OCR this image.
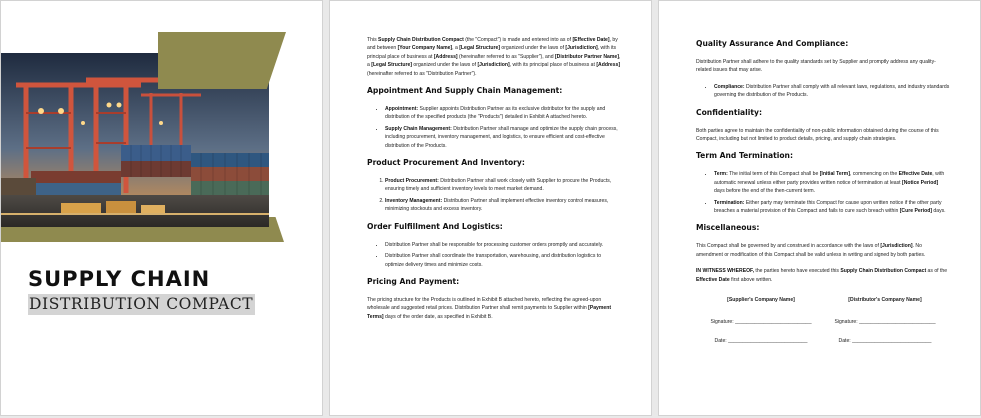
SUPPLY CHAIN
DISTRIBUTION COMPACT

This Supply Chain Distribution Compact (the "Compact") is made and entered into as of [Effective Date], by and between [Your Company Name], a [Legal Structure] organized under the laws of [Jurisdiction], with its principal place of business at [Address] (hereinafter referred to as "Supplier"), and [Distributor Partner Name], a [Legal Structure] organized under the laws of [Jurisdiction], with its principal place of business at [Address] (hereinafter referred to as "Distribution Partner").

Appointment And Supply Chain Management:
• Appointment: Supplier appoints Distribution Partner as its exclusive distributor for the supply and distribution of the specified products (the "Products") detailed in Exhibit A attached hereto.
• Supply Chain Management: Distribution Partner shall manage and optimize the supply chain process, including procurement, inventory management, and logistics, to ensure efficient and cost-effective distribution of the Products.
Product Procurement And Inventory:
1. Product Procurement: Distribution Partner shall work closely with Supplier to procure the Products, ensuring timely and sufficient inventory levels to meet market demand.
2. Inventory Management: Distribution Partner shall implement effective inventory control measures, minimizing stockouts and excess inventory.
Order Fulfillment And Logistics:
• Distribution Partner shall be responsible for processing customer orders promptly and accurately.
• Distribution Partner shall coordinate the transportation, warehousing, and distribution logistics to optimize delivery times and minimize costs.
Pricing And Payment:

The pricing structure for the Products is outlined in Exhibit B attached hereto, reflecting the agreed-upon wholesale and suggested retail prices. Distribution Partner shall remit payments to Supplier within [Payment Terms] days of the order date, as specified in Exhibit B.

Quality Assurance And Compliance:

Distribution Partner shall adhere to the quality standards set by Supplier and promptly address any quality-related issues that may arise.

• Compliance: Distribution Partner shall comply with all relevant laws, regulations, and industry standards governing the distribution of the Products.
Confidentiality:

Both parties agree to maintain the confidentiality of non-public information obtained during the course of this Compact, including but not limited to product details, pricing, and supply chain strategies.

Term And Termination:
• Term: The initial term of this Compact shall be [Initial Term], commencing on the Effective Date, with automatic renewal unless either party provides written notice of termination at least [Notice Period] days before the end of the then-current term.
• Termination: Either party may terminate this Compact for cause upon written notice if the other party breaches a material provision of this Compact and fails to cure such breach within [Cure Period] days.
Miscellaneous:

This Compact shall be governed by and construed in accordance with the laws of [Jurisdiction]. No amendment or modification of this Compact shall be valid unless in writing and signed by both parties.

IN WITNESS WHEREOF, the parties hereto have executed this Supply Chain Distribution Compact as of the Effective Date first above written.

[Supplier's Company Name]
Signature: ___________________________
Date: ____________________________
[Distributor's Company Name]
Signature: ___________________________
Date: ____________________________
